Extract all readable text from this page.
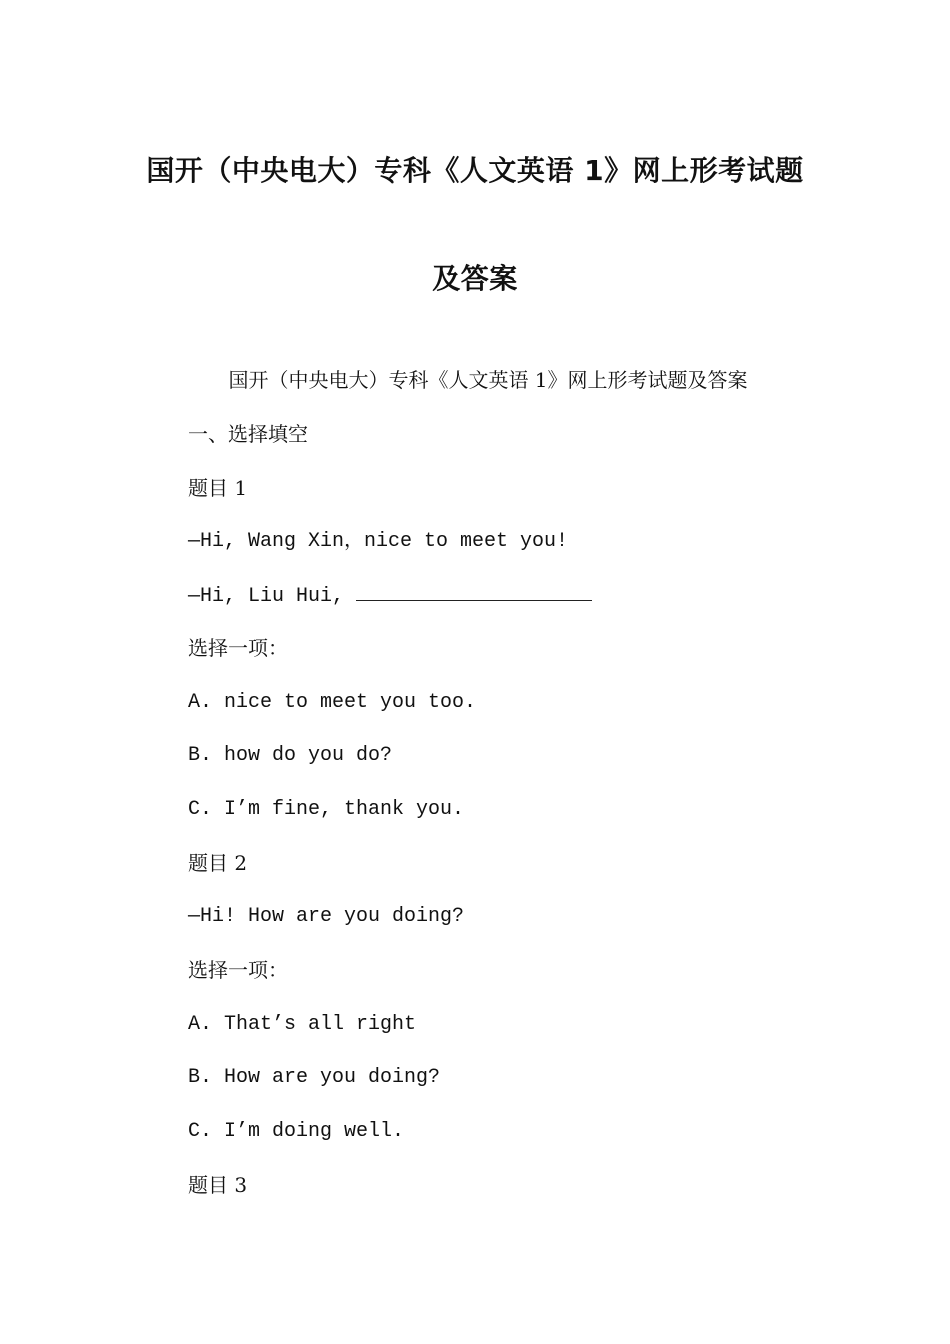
国开（中央电大）专科《人文英语 1》网上形考试题
及答案
国开（中央电大）专科《人文英语 1》网上形考试题及答案
一、选择填空
题目 1
—Hi, Wang Xin，nice to meet you!
—Hi, Liu Hui,
选择一项：
A. nice to meet you too.
B. how do you do?
C. I’m fine, thank you.
题目 2
—Hi! How are you doing?
选择一项：
A. That’s all right
B. How are you doing?
C. I’m doing well.
题目 3
